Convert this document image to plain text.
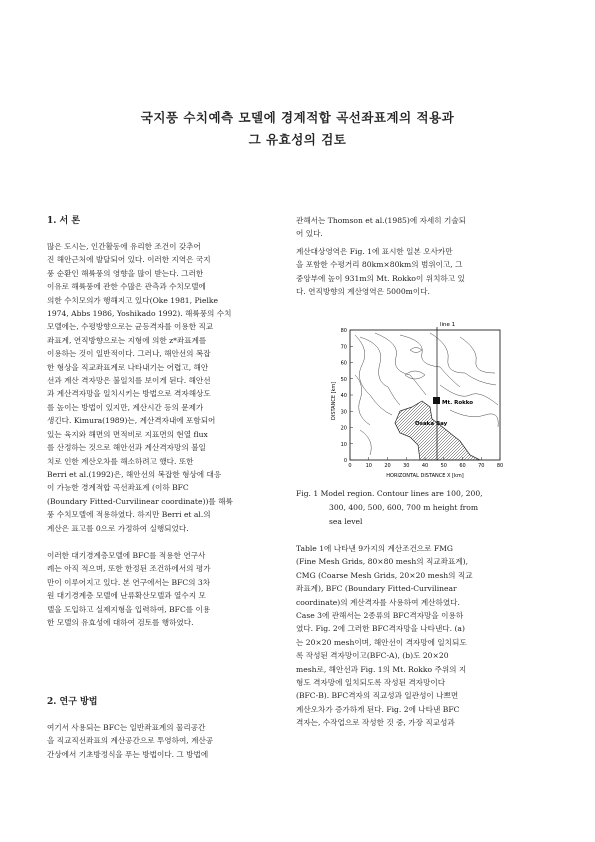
국지풍 수치예측 모델에 경계적합 곡선좌표계의 적용과
그 유효성의 검토
1. 서 론
많은 도시는, 인간활동에 유리한 조건이 갖추어
진 해안근처에 발달되어 있다. 이러한 지역은 국지
풍 순환인 해륙풍의 영향을 많이 받는다. 그러한
이유로 해륙풍에 관한 수많은 관측과 수치모델에
의한 수치모의가 행해지고 있다(Oke 1981, Pielke
1974, Abbs 1986, Yoshikado 1992). 해륙풍의 수치
모델에는, 수평방향으로는 균등격자를 이용한 직교
좌표계, 연직방향으로는 지형에 의한 z*좌표계를
이용하는 것이 일반적이다. 그러나, 해안선의 복잡
한 형상을 직교좌표계로 나타내기는 어렵고, 해안
선과 계산 격자망은 불일치를 보이게 된다. 해안선
과 계산격자망을 일치시키는 방법으로 격자해상도
를 높이는 방법이 있지만, 계산시간 등의 문제가
생긴다. Kimura(1989)는, 계산격자내에 포함되어
있는 육지와 해면의 면적비로 지표면의 현열 flux
를 산정하는 것으로 해안선과 계산격자망의 불일
치로 인한 계산오차를 해소하려고 했다. 또한
Berri et al.(1992)은, 해안선의 복잡한 형상에 대응
이 가능한 경계적합 곡선좌표계 (이하 BFC
(Boundary Fitted-Curvilinear coordinate))를 해륙
풍 수치모델에 적용하였다. 하지만 Berri et al.의
계산은 표고를 0으로 가정하여 실행되었다.
이러한 대기경계층모델에 BFC를 적용한 연구사
례는 아직 적으며, 또한 한정된 조건하에서의 평가
만이 이루어지고 있다. 본 연구에서는 BFC의 3차
원 대기경계층 모델에 난류확산모델과 열수지 모
델을 도입하고 실제지형을 입력하여, BFC를 이용
한 모델의 유효성에 대하여 검토를 행하였다.
2. 연구 방법
여기서 사용되는 BFC는 일반좌표계의 물리공간
을 직교직선좌표의 계산공간으로 투영하여, 계산공
간상에서 기초방정식을 푸는 방법이다. 그 방법에
관해서는 Thomson et al.(1985)에 자세히 기술되
어 있다.
계산대상영역은 Fig. 1에 표시한 일본 오사카만
을 포함한 수평거리 80km×80km의 범위이고, 그
중앙부에 높이 931m의 Mt. Rokko이 위치하고 있
다. 연직방향의 계산영역은 5000m이다.
line 1
Mt. Rokko
Osaka Bay
80
70
60
50
40
30
20
10
0
0	10 20 30 40 50 60 70 80
DISTANCE [km]
HORIZONTAL DISTANCE X [km]
Fig. 1 Model region. Contour lines are 100, 200,
300, 400, 500, 600, 700 m height from
sea level
Table 1에 나타낸 9가지의 계산조건으로 FMG
(Fine Mesh Grids, 80×80 mesh의 직교좌표계),
CMG (Coarse Mesh Grids, 20×20 mesh의 직교
좌표계), BFC (Boundary Fitted-Curvilinear
coordinate)의 계산격자를 사용하여 계산하였다.
Case 3에 관해서는 2종류의 BFC격자망을 이용하
였다. Fig. 2에 그러한 BFC격자망을 나타낸다. (a)
는 20×20 mesh이며, 해안선이 격자망에 일치되도
록 작성된 격자망이고(BFC-A), (b)도 20×20
mesh로, 해안선과 Fig. 1의 Mt. Rokko 주위의 지
형도 격자망에 일치되도록 작성된 격자망이다
(BFC-B). BFC격자의 직교성과 일관성이 나쁘면
계산오차가 증가하게 된다. Fig. 2에 나타낸 BFC
격자는, 수작업으로 작성한 것 중, 가장 직교성과
